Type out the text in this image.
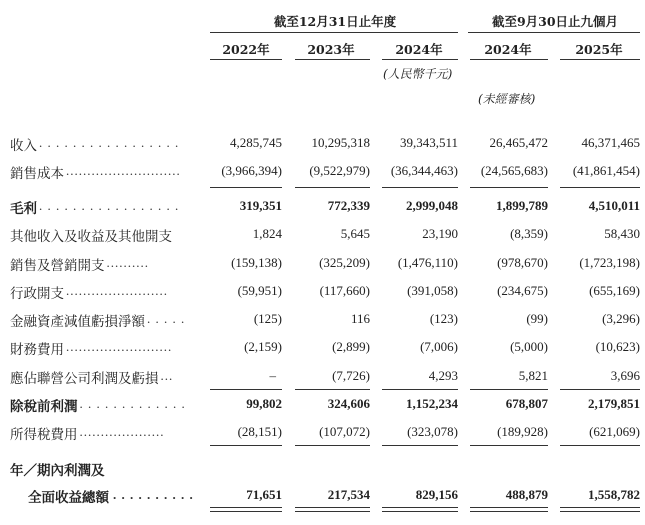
截至12月31日止年度	截至9月30日止九個月
2022年	2023年	2024年	2024年	2025年
(人民幣千元)
(未經審核)
收入 . . . . . . . . . . . . . . . . .	4,285,745	10,295,318	39,343,511	26,465,472	46,371,465
銷售成本 ...........................	(3,966,394)	(9,522,979)	(36,344,463)	(24,565,683)	(41,861,454)
毛利 . . . . . . . . . . . . . . . . .	319,351	772,339	2,999,048	1,899,789	4,510,011
其他收入及收益及其他開支	1,824	5,645	23,190	(8,359)	58,430
銷售及營銷開支 ..........	(159,138)	(325,209)	(1,476,110)	(978,670)	(1,723,198)
行政開支 ........................	(59,951)	(117,660)	(391,058)	(234,675)	(655,169)
金融資產減值虧損淨額 . . . . .	(125)	116	(123)	(99)	(3,296)
財務費用 .........................	(2,159)	(2,899)	(7,006)	(5,000)	(10,623)
應佔聯營公司利潤及虧損 ...	–	(7,726)	4,293	5,821	3,696
除稅前利潤 . . . . . . . . . . . . .	99,802	324,606	1,152,234	678,807	2,179,851
所得稅費用 ....................	(28,151)	(107,072)	(323,078)	(189,928)	(621,069)
年／期內利潤及
全面收益總額 . . . . . . . . . .	71,651	217,534	829,156	488,879	1,558,782
